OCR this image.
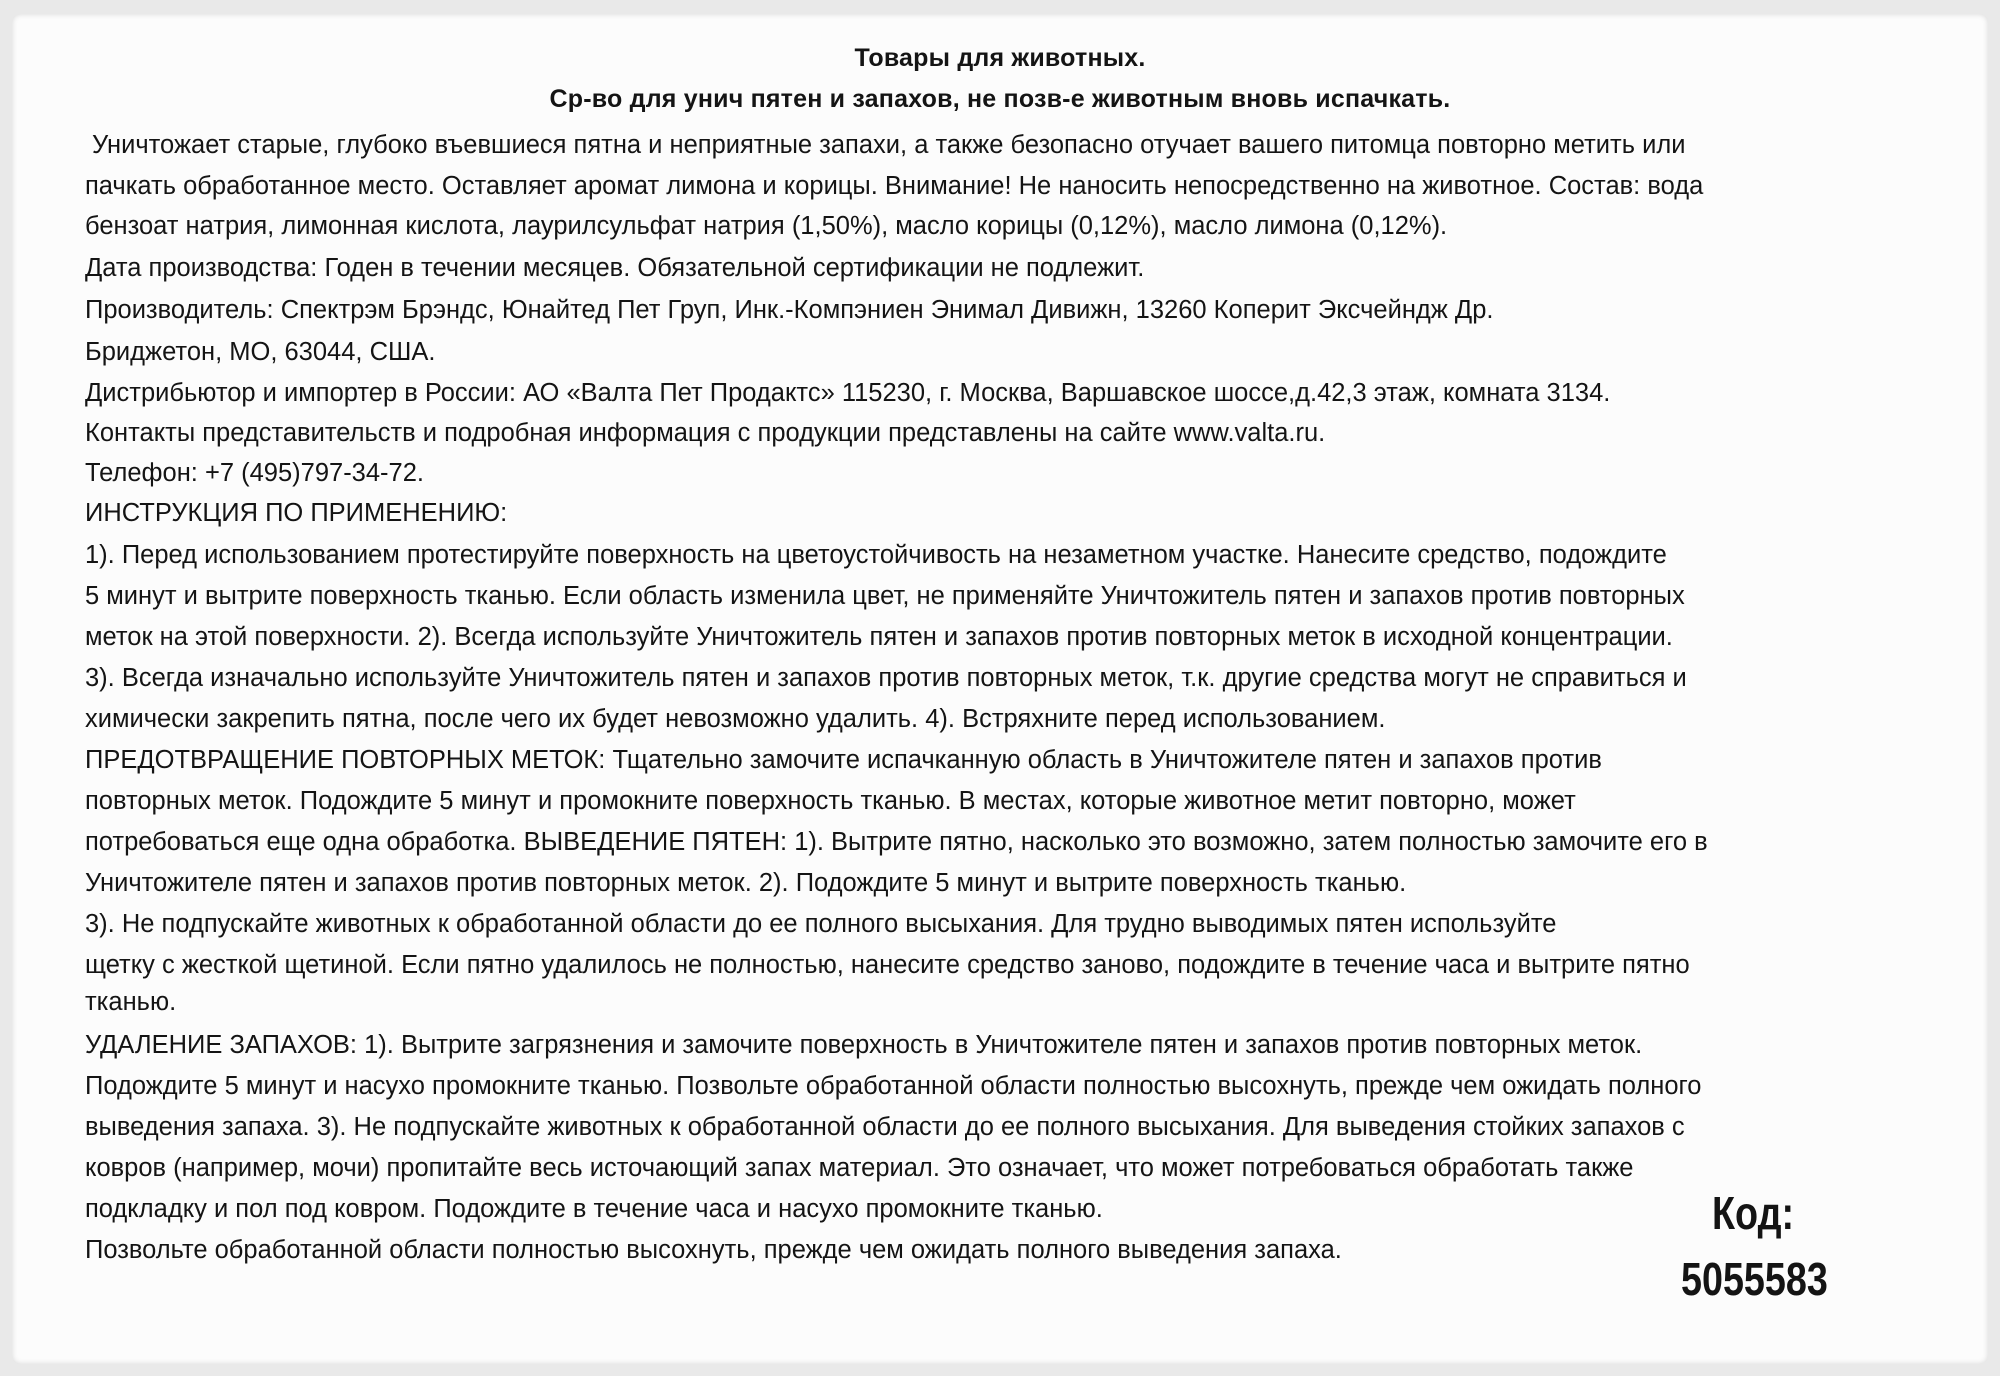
Товары для животных.
Ср-во для унич пятен и запахов, не позв-е животным вновь испачкать.
Уничтожает старые, глубоко въевшиеся пятна и неприятные запахи, а также безопасно отучает вашего питомца повторно метить или
пачкать обработанное место. Оставляет аромат лимона и корицы. Внимание! Не наносить непосредственно на животное. Состав: вода
бензоат натрия, лимонная кислота, лаурилсульфат натрия (1,50%), масло корицы (0,12%), масло лимона (0,12%).
Дата производства: Годен в течении месяцев. Обязательной сертификации не подлежит.
Производитель: Спектрэм Брэндс, Юнайтед Пет Груп, Инк.-Компэниен Энимал Дивижн, 13260 Коперит Эксчейндж Др.
Бриджетон, МО, 63044, США.
Дистрибьютор и импортер в России: АО «Валта Пет Продактс» 115230, г. Москва, Варшавское шоссе,д.42,3 этаж, комната 3134.
Контакты представительств и подробная информация с продукции представлены на сайте www.valta.ru.
Телефон: +7 (495)797-34-72.
ИНСТРУКЦИЯ ПО ПРИМЕНЕНИЮ:
1). Перед использованием протестируйте поверхность на цветоустойчивость на незаметном участке. Нанесите средство, подождите
5 минут и вытрите поверхность тканью. Если область изменила цвет, не применяйте Уничтожитель пятен и запахов против повторных
меток на этой поверхности. 2). Всегда используйте Уничтожитель пятен и запахов против повторных меток в исходной концентрации.
3). Всегда изначально используйте Уничтожитель пятен и запахов против повторных меток, т.к. другие средства могут не справиться и
химически закрепить пятна, после чего их будет невозможно удалить. 4). Встряхните перед использованием.
ПРЕДОТВРАЩЕНИЕ ПОВТОРНЫХ МЕТОК: Тщательно замочите испачканную область в Уничтожителе пятен и запахов против
повторных меток. Подождите 5 минут и промокните поверхность тканью. В местах, которые животное метит повторно, может
потребоваться еще одна обработка. ВЫВЕДЕНИЕ ПЯТЕН: 1). Вытрите пятно, насколько это возможно, затем полностью замочите его в
Уничтожителе пятен и запахов против повторных меток. 2). Подождите 5 минут и вытрите поверхность тканью.
3). Не подпускайте животных к обработанной области до ее полного высыхания. Для трудно выводимых пятен используйте
щетку с жесткой щетиной. Если пятно удалилось не полностью, нанесите средство заново, подождите в течение часа и вытрите пятно
тканью.
УДАЛЕНИЕ ЗАПАХОВ: 1). Вытрите загрязнения и замочите поверхность в Уничтожителе пятен и запахов против повторных меток.
Подождите 5 минут и насухо промокните тканью. Позвольте обработанной области полностью высохнуть, прежде чем ожидать полного
выведения запаха. 3). Не подпускайте животных к обработанной области до ее полного высыхания. Для выведения стойких запахов с
ковров (например, мочи) пропитайте весь источающий запах материал. Это означает, что может потребоваться обработать также
подкладку и пол под ковром. Подождите в течение часа и насухо промокните тканью.
Позвольте обработанной области полностью высохнуть, прежде чем ожидать полного выведения запаха.
Код:
5055583
